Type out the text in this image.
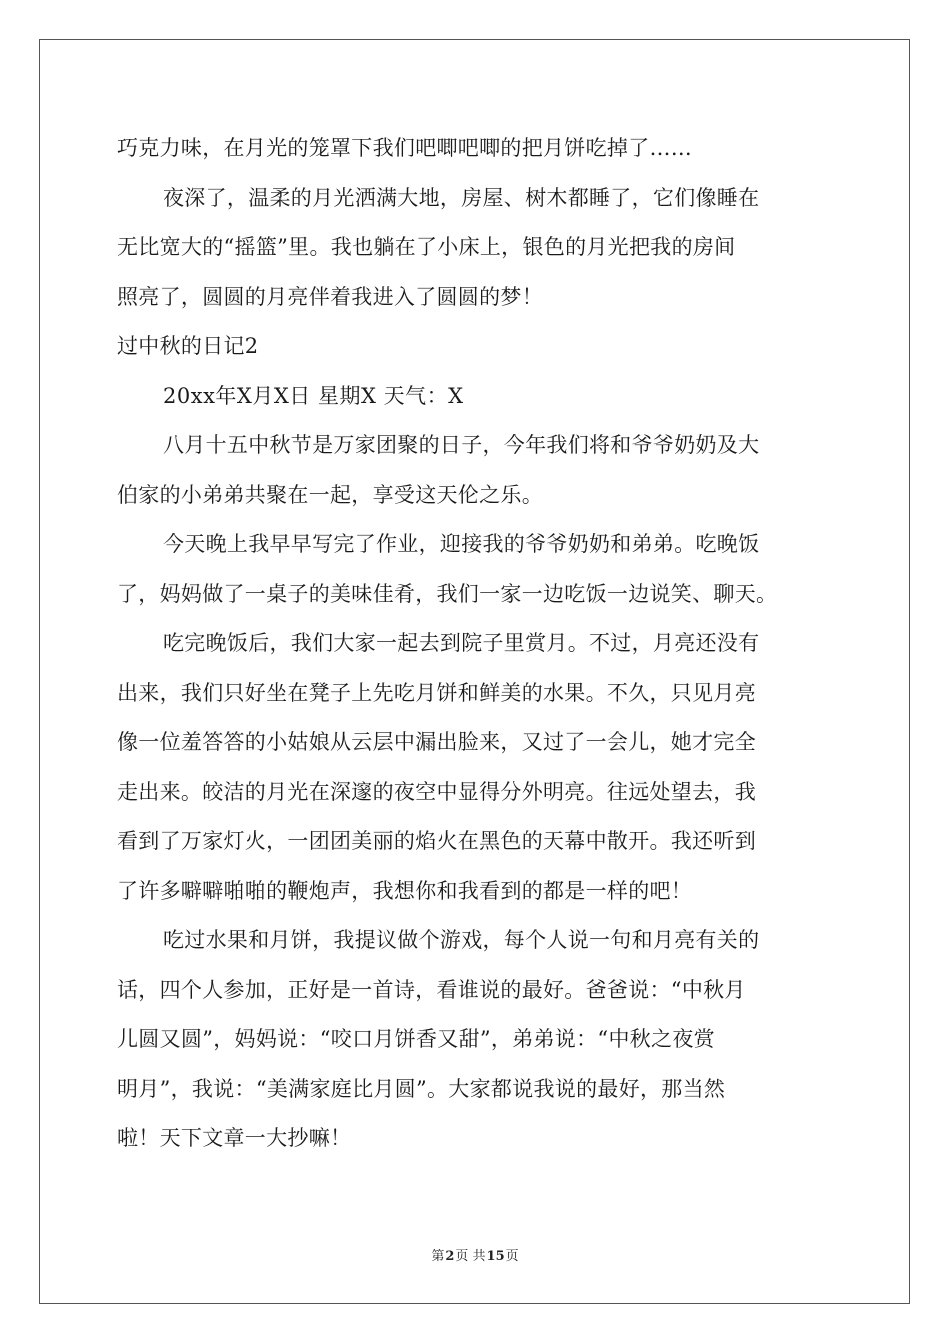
巧克力味，在月光的笼罩下我们吧唧吧唧的把月饼吃掉了……
夜深了，温柔的月光洒满大地，房屋、树木都睡了，它们像睡在
无比宽大的“摇篮”里。我也躺在了小床上，银色的月光把我的房间
照亮了，圆圆的月亮伴着我进入了圆圆的梦！
过中秋的日记2
20xx年X月X日 星期X 天气：X
八月十五中秋节是万家团聚的日子，今年我们将和爷爷奶奶及大
伯家的小弟弟共聚在一起，享受这天伦之乐。
今天晚上我早早写完了作业，迎接我的爷爷奶奶和弟弟。吃晚饭
了，妈妈做了一桌子的美味佳肴，我们一家一边吃饭一边说笑、聊天。
吃完晚饭后，我们大家一起去到院子里赏月。不过，月亮还没有
出来，我们只好坐在凳子上先吃月饼和鲜美的水果。不久，只见月亮
像一位羞答答的小姑娘从云层中漏出脸来，又过了一会儿，她才完全
走出来。皎洁的月光在深邃的夜空中显得分外明亮。往远处望去，我
看到了万家灯火，一团团美丽的焰火在黑色的天幕中散开。我还听到
了许多噼噼啪啪的鞭炮声，我想你和我看到的都是一样的吧！
吃过水果和月饼，我提议做个游戏，每个人说一句和月亮有关的
话，四个人参加，正好是一首诗，看谁说的最好。爸爸说：“中秋月
儿圆又圆”，妈妈说：“咬口月饼香又甜”，弟弟说：“中秋之夜赏
明月”，我说：“美满家庭比月圆”。大家都说我说的最好，那当然
啦！天下文章一大抄嘛！
第2页 共15页
